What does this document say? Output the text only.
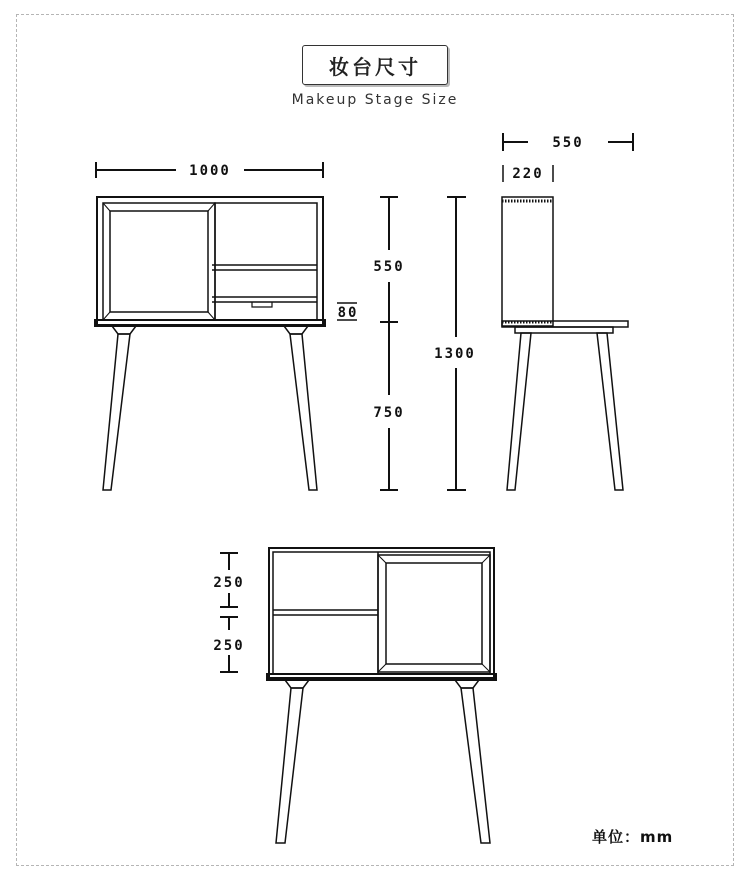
妆台尺寸
Makeup Stage Size
1000
80
550
750
1300
550
220
250
250
单位：mm
